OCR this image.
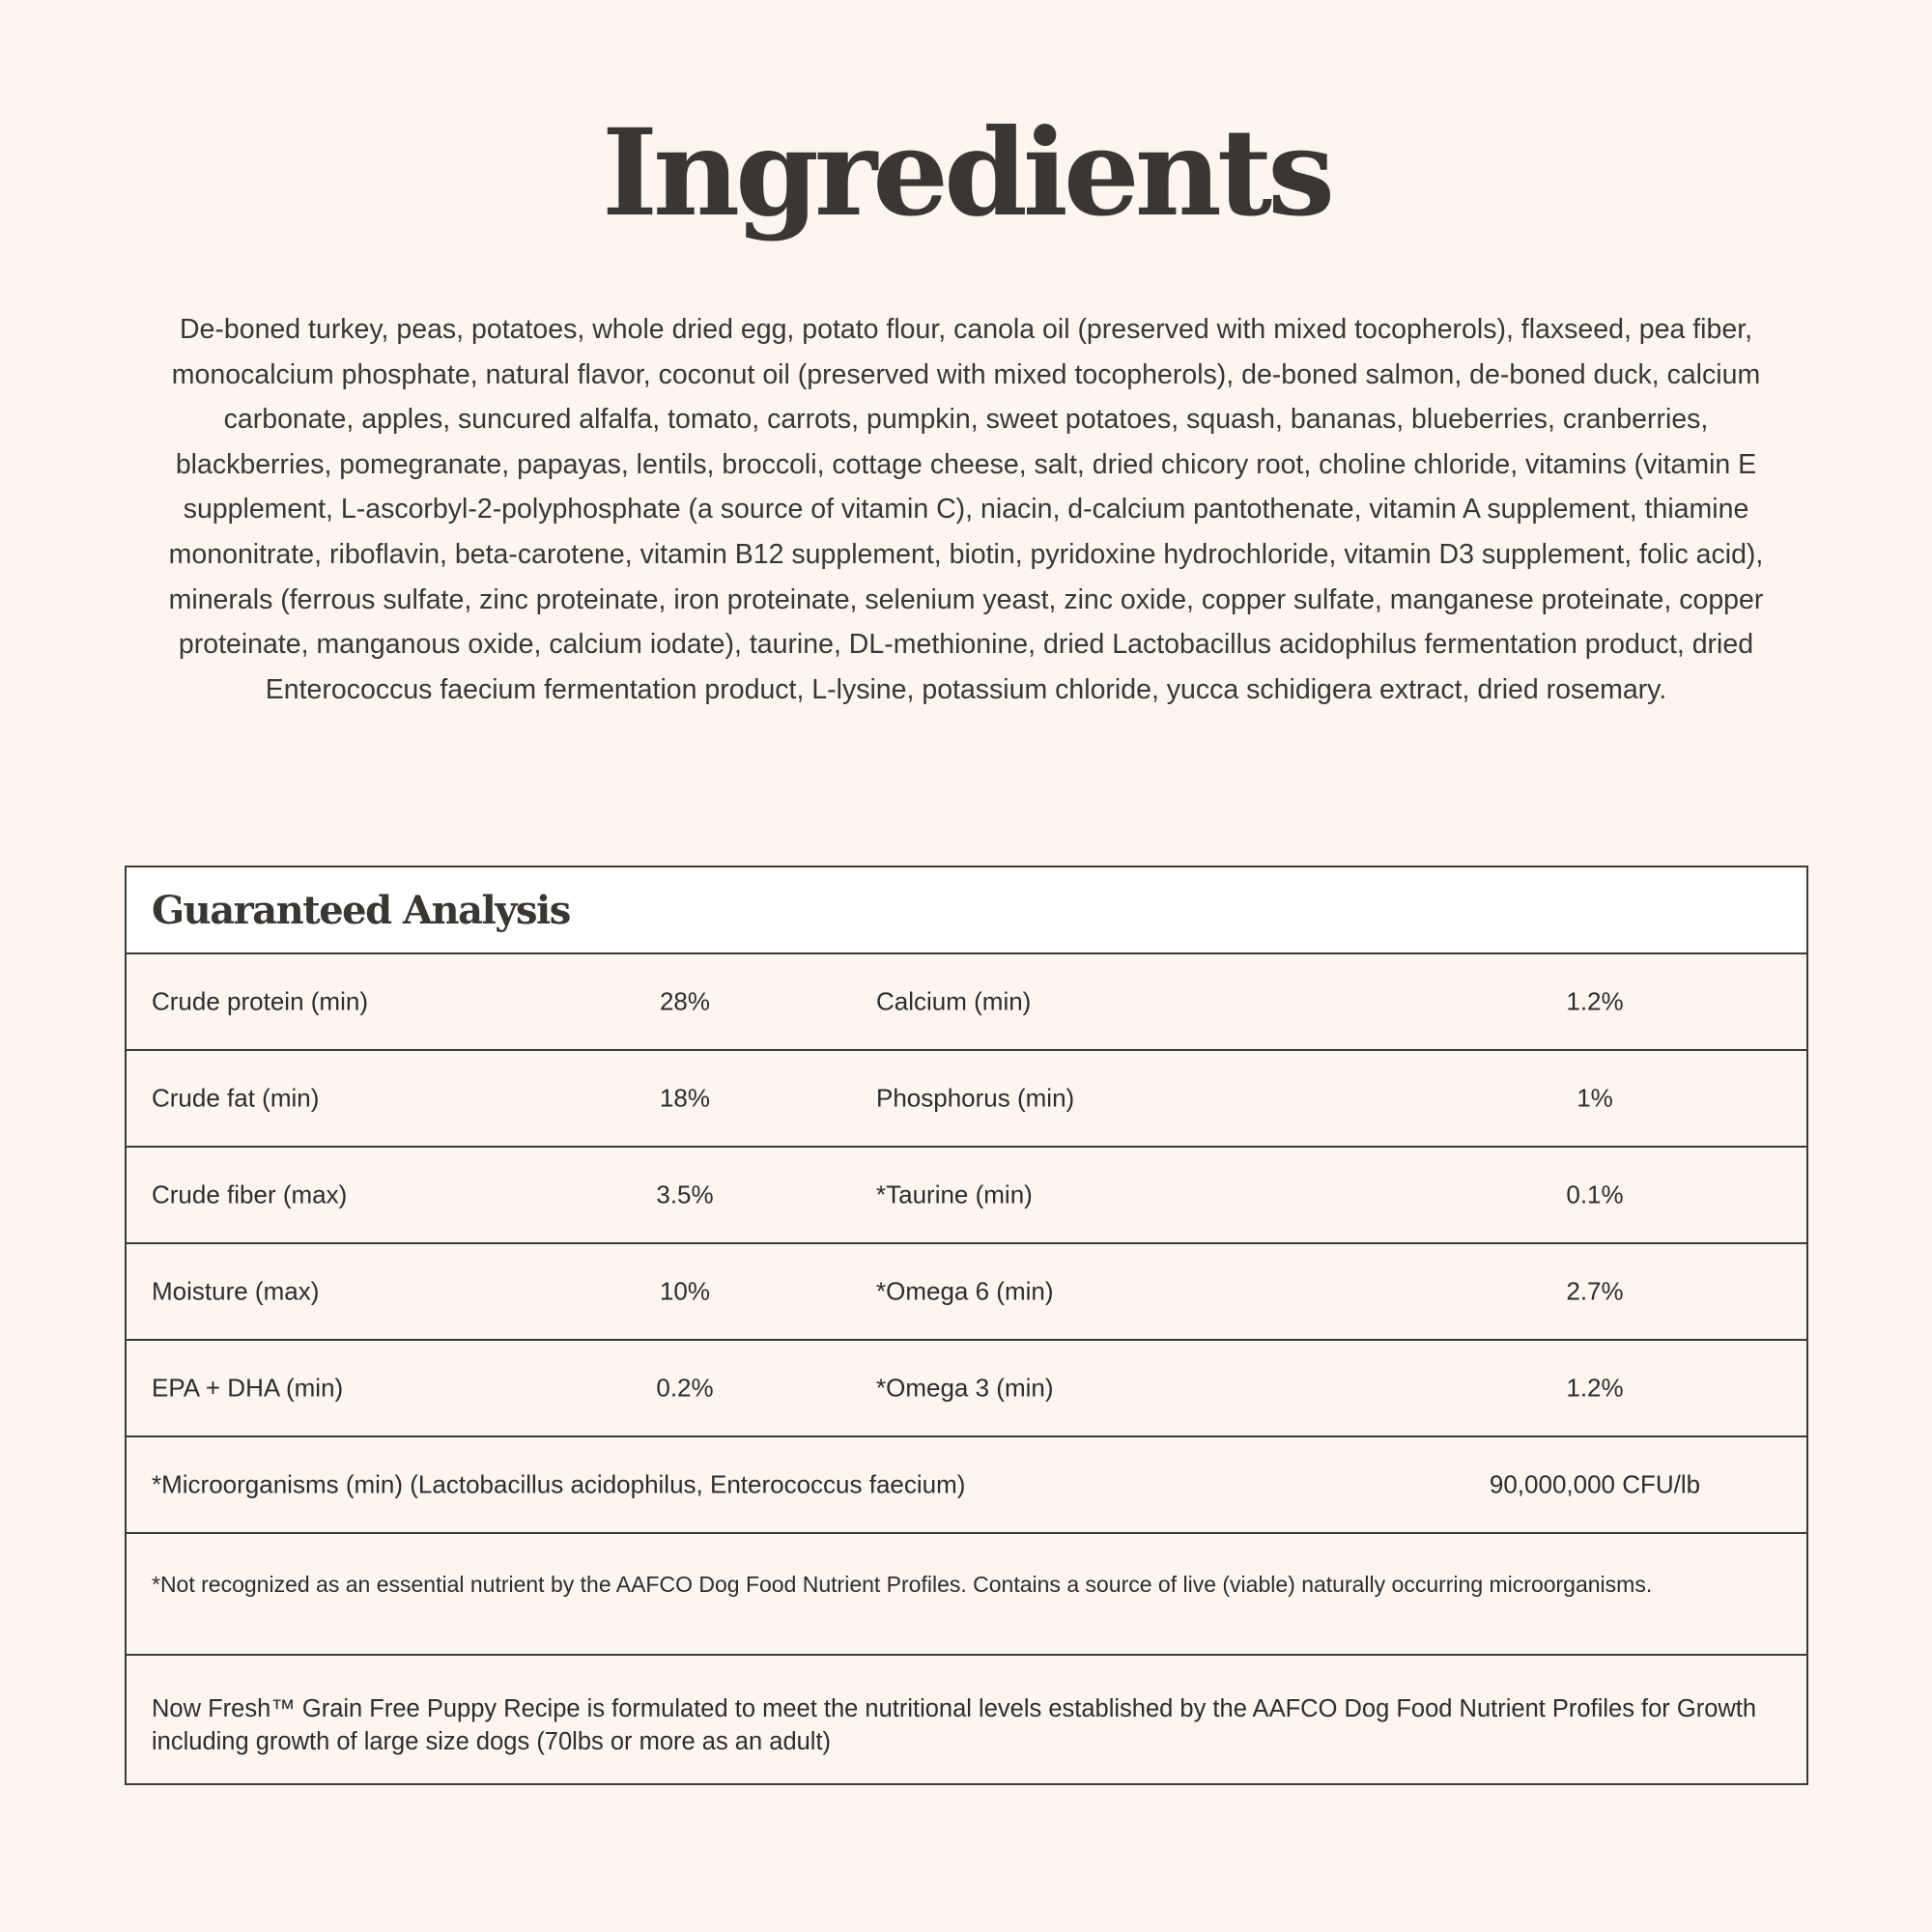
Ingredients

De-boned turkey, peas, potatoes, whole dried egg, potato flour, canola oil (preserved with mixed tocopherols), flaxseed, pea fiber, monocalcium phosphate, natural flavor, coconut oil (preserved with mixed tocopherols), de-boned salmon, de-boned duck, calcium carbonate, apples, suncured alfalfa, tomato, carrots, pumpkin, sweet potatoes, squash, bananas, blueberries, cranberries, blackberries, pomegranate, papayas, lentils, broccoli, cottage cheese, salt, dried chicory root, choline chloride, vitamins (vitamin E supplement, L-ascorbyl-2-polyphosphate (a source of vitamin C), niacin, d-calcium pantothenate, vitamin A supplement, thiamine mononitrate, riboflavin, beta-carotene, vitamin B12 supplement, biotin, pyridoxine hydrochloride, vitamin D3 supplement, folic acid), minerals (ferrous sulfate, zinc proteinate, iron proteinate, selenium yeast, zinc oxide, copper sulfate, manganese proteinate, copper proteinate, manganous oxide, calcium iodate), taurine, DL-methionine, dried Lactobacillus acidophilus fermentation product, dried Enterococcus faecium fermentation product, L-lysine, potassium chloride, yucca schidigera extract, dried rosemary.

Guaranteed Analysis
Crude protein (min)	28%	Calcium (min)	1.2%
Crude fat (min)	18%	Phosphorus (min)	1%
Crude fiber (max)	3.5%	*Taurine (min)	0.1%
Moisture (max)	10%	*Omega 6 (min)	2.7%
EPA + DHA (min)	0.2%	*Omega 3 (min)	1.2%
*Microorganisms (min) (Lactobacillus acidophilus, Enterococcus faecium)	90,000,000 CFU/lb

*Not recognized as an essential nutrient by the AAFCO Dog Food Nutrient Profiles. Contains a source of live (viable) naturally occurring microorganisms.

Now Fresh™ Grain Free Puppy Recipe is formulated to meet the nutritional levels established by the AAFCO Dog Food Nutrient Profiles for Growth including growth of large size dogs (70lbs or more as an adult)
